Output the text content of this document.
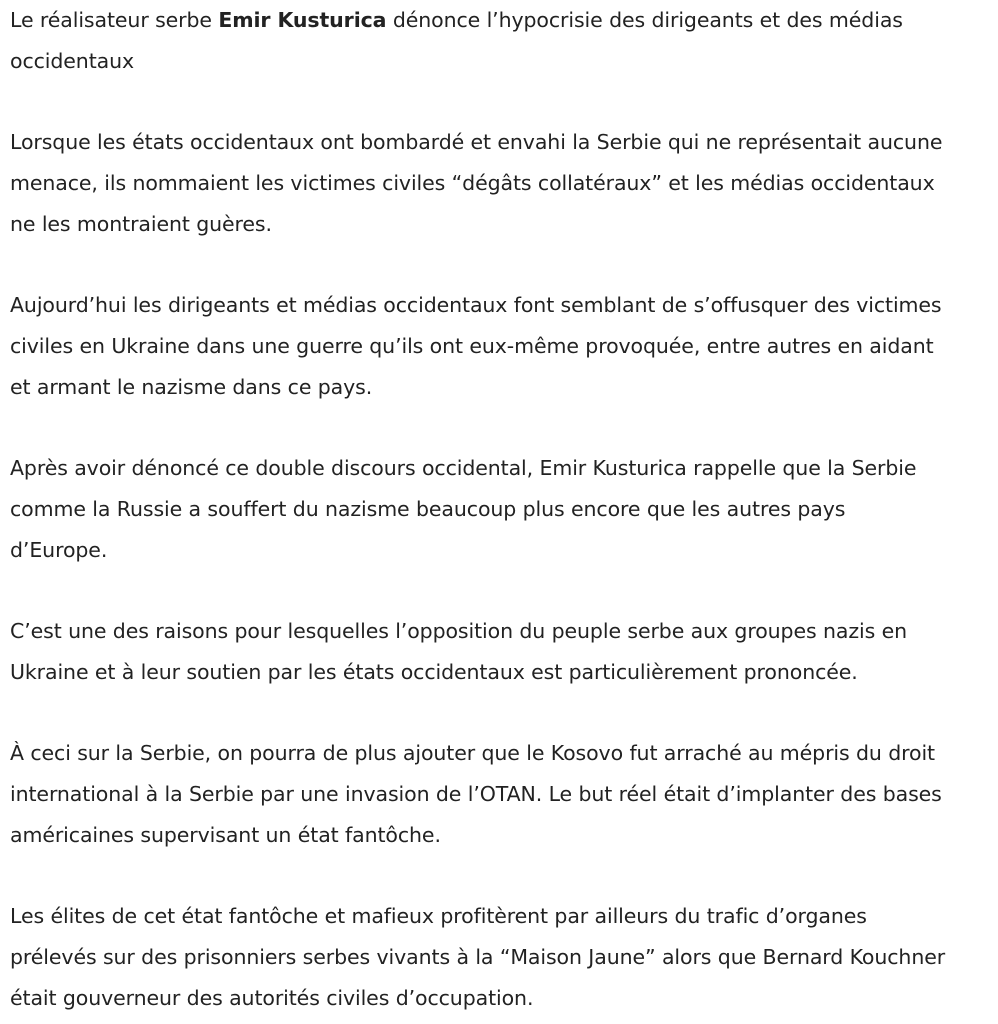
Le réalisateur serbe Emir Kusturica dénonce l’hypocrisie des dirigeants et des médias
occidentaux

Lorsque les états occidentaux ont bombardé et envahi la Serbie qui ne représentait aucune
menace, ils nommaient les victimes civiles “dégâts collatéraux” et les médias occidentaux
ne les montraient guères.

Aujourd’hui les dirigeants et médias occidentaux font semblant de s’offusquer des victimes
civiles en Ukraine dans une guerre qu’ils ont eux-même provoquée, entre autres en aidant
et armant le nazisme dans ce pays.

Après avoir dénoncé ce double discours occidental, Emir Kusturica rappelle que la Serbie
comme la Russie a souffert du nazisme beaucoup plus encore que les autres pays
d’Europe.

C’est une des raisons pour lesquelles l’opposition du peuple serbe aux groupes nazis en
Ukraine et à leur soutien par les états occidentaux est particulièrement prononcée.

À ceci sur la Serbie, on pourra de plus ajouter que le Kosovo fut arraché au mépris du droit
international à la Serbie par une invasion de l’OTAN. Le but réel était d’implanter des bases
américaines supervisant un état fantôche.

Les élites de cet état fantôche et mafieux profitèrent par ailleurs du trafic d’organes
prélevés sur des prisonniers serbes vivants à la “Maison Jaune” alors que Bernard Kouchner
était gouverneur des autorités civiles d’occupation.
